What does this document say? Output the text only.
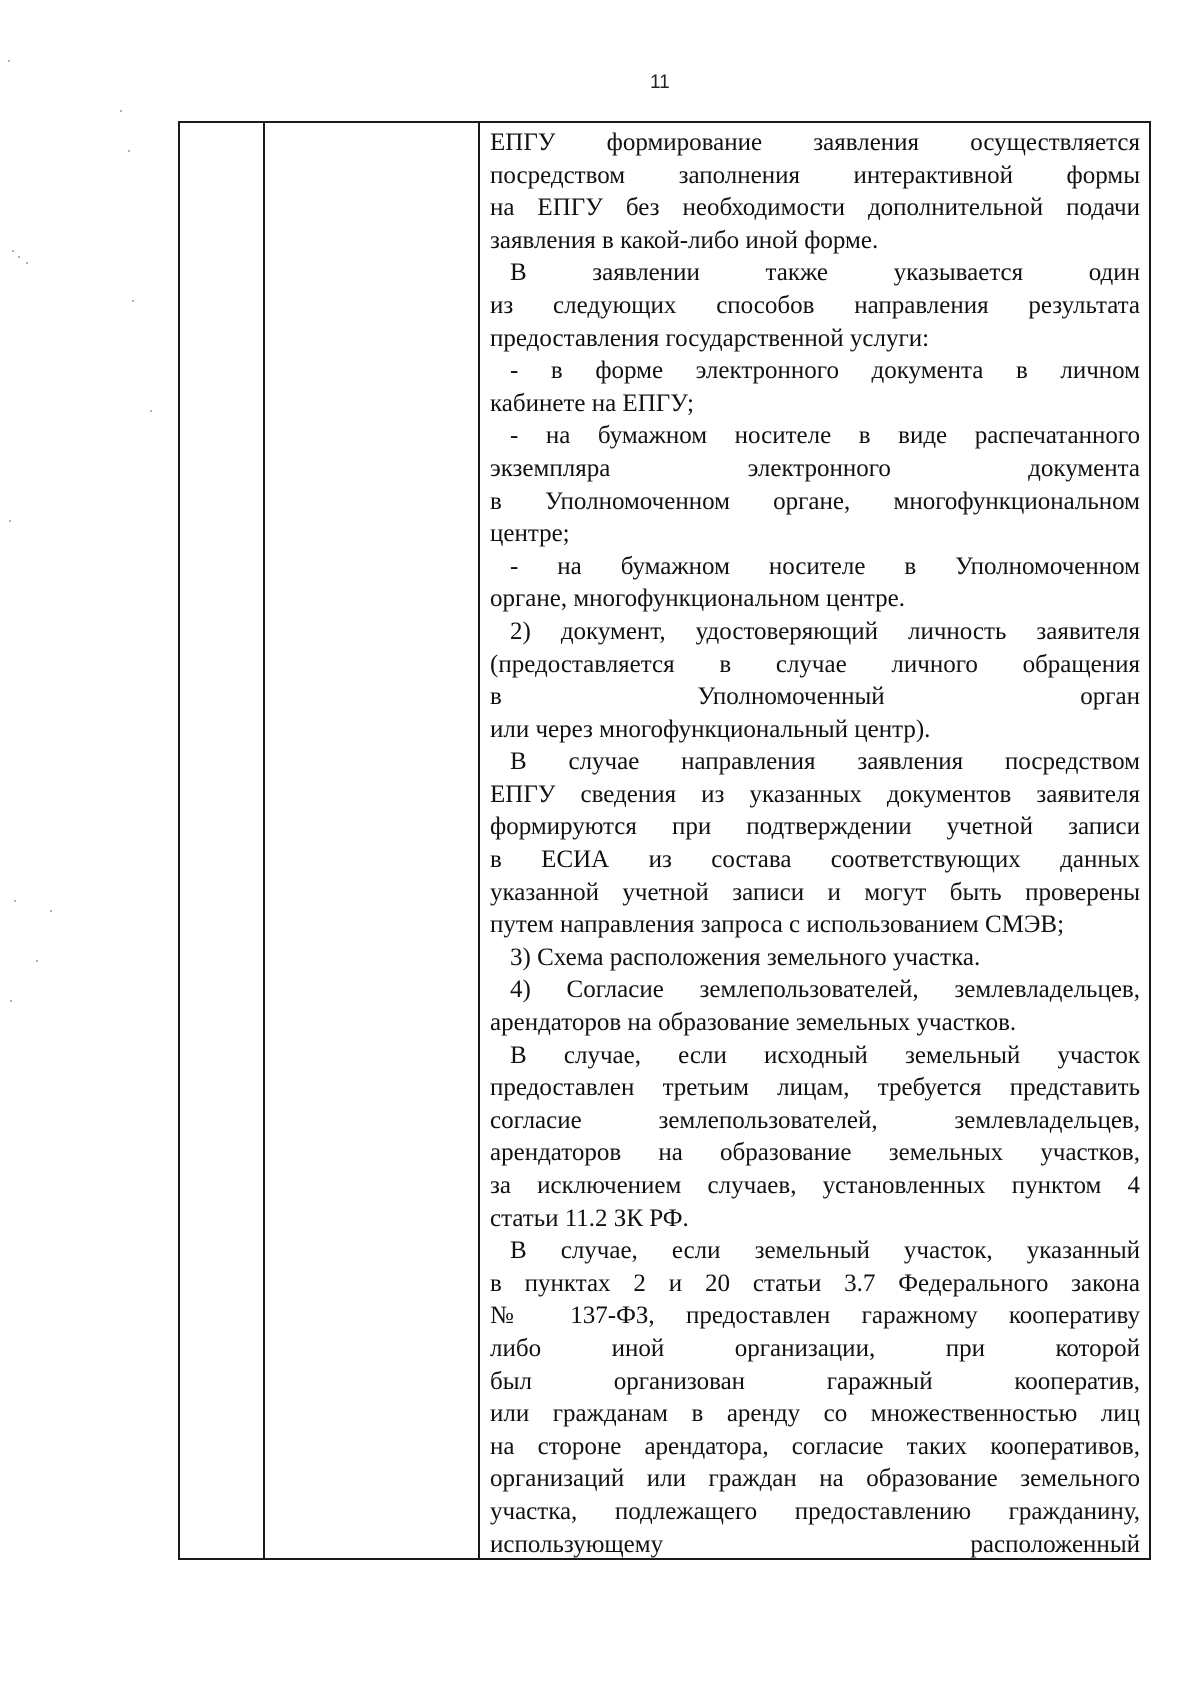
11

ЕПГУ формирование заявления осуществляется

посредством заполнения интерактивной формы

на ЕПГУ без необходимости дополнительной подачи

заявления в какой-либо иной форме.

В заявлении также указывается один

из следующих способов направления результата

предоставления государственной услуги:

- в форме электронного документа в личном

кабинете на ЕПГУ;

- на бумажном носителе в виде распечатанного

экземпляра электронного документа

в Уполномоченном органе, многофункциональном

центре;

- на бумажном носителе в Уполномоченном

органе, многофункциональном центре.

2) документ, удостоверяющий личность заявителя

(предоставляется в случае личного обращения

в Уполномоченный орган

или через многофункциональный центр).

В случае направления заявления посредством

ЕПГУ сведения из указанных документов заявителя

формируются при подтверждении учетной записи

в ЕСИА из состава соответствующих данных

указанной учетной записи и могут быть проверены

путем направления запроса с использованием СМЭВ;

3) Схема расположения земельного участка.

4) Согласие землепользователей, землевладельцев,

арендаторов на образование земельных участков.

В случае, если исходный земельный участок

предоставлен третьим лицам, требуется представить

согласие землепользователей, землевладельцев,

арендаторов на образование земельных участков,

за исключением случаев, установленных пунктом 4

статьи 11.2 ЗК РФ.

В случае, если земельный участок, указанный

в пунктах 2 и 20 статьи 3.7 Федерального закона

№ 137-ФЗ, предоставлен гаражному кооперативу

либо иной организации, при которой

был организован гаражный кооператив,

или гражданам в аренду со множественностью лиц

на стороне арендатора, согласие таких кооперативов,

организаций или граждан на образование земельного

участка, подлежащего предоставлению гражданину,

использующему расположенный
